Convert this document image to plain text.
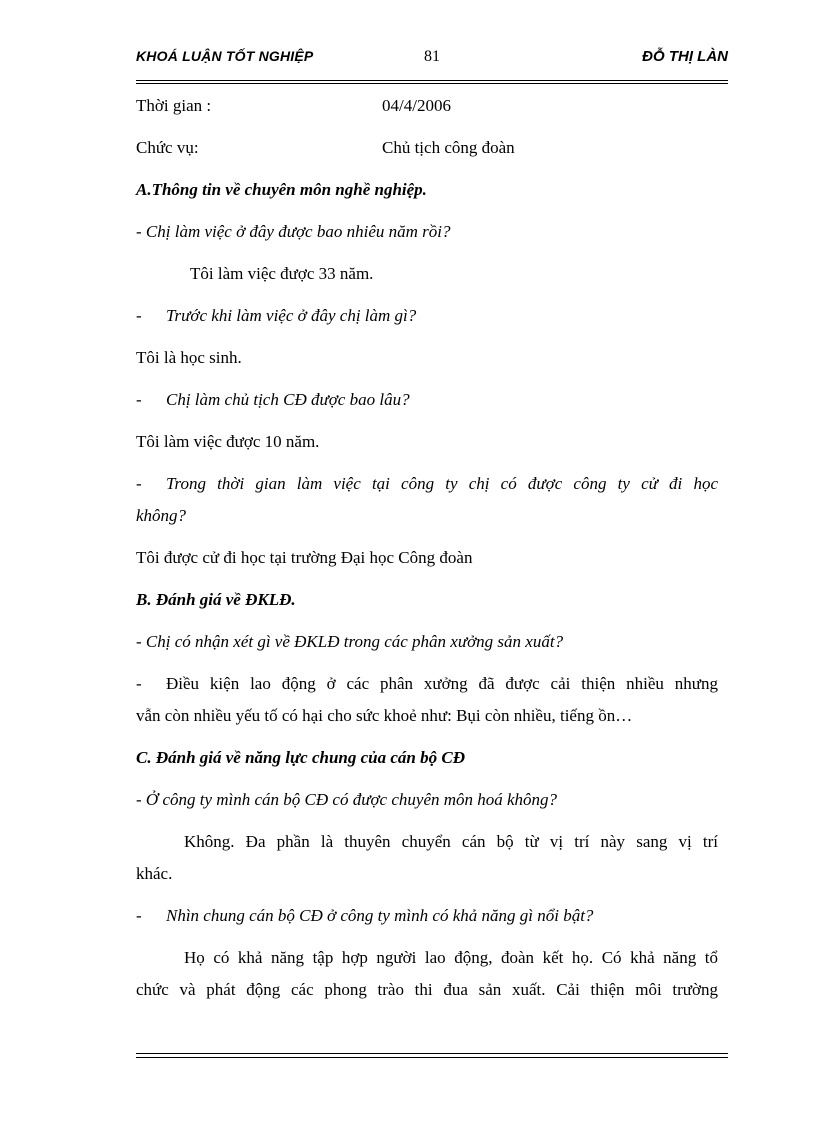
KHOÁ LUẬN TỐT NGHIỆP	81	ĐỖ THỊ LÀN
Thời gian :	04/4/2006
Chức vụ:	Chủ tịch công đoàn
A.Thông tin về chuyên môn nghề nghiệp.
- Chị làm việc ở đây được bao nhiêu năm rồi?
Tôi làm việc được 33 năm.
- Trước khi làm việc ở đây chị làm gì?
Tôi là học sinh.
- Chị làm chủ tịch CĐ được bao lâu?
Tôi làm việc được 10 năm.
- Trong thời gian làm việc tại công ty chị có được công ty cử đi học
không?
Tôi được cử đi học tại trường Đại học Công đoàn
B. Đánh giá về ĐKLĐ.
- Chị có nhận xét gì về ĐKLĐ trong các phân xưởng sản xuất?
- Điều kiện lao động ở các phân xưởng đã được cải thiện nhiều nhưng
vẫn còn nhiều yếu tố có hại cho sức khoẻ như: Bụi còn nhiều, tiếng ồn…
C. Đánh giá về năng lực chung của cán bộ CĐ
- Ở công ty mình cán bộ CĐ có được chuyên môn hoá không?
Không. Đa phần là thuyên chuyển cán bộ từ vị trí này sang vị trí
khác.
- Nhìn chung cán bộ CĐ ở công ty mình có khả năng gì nổi bật?
Họ có khả năng tập hợp người lao động, đoàn kết họ. Có khả năng tổ
chức và phát động các phong trào thi đua sản xuất. Cải thiện môi trường
